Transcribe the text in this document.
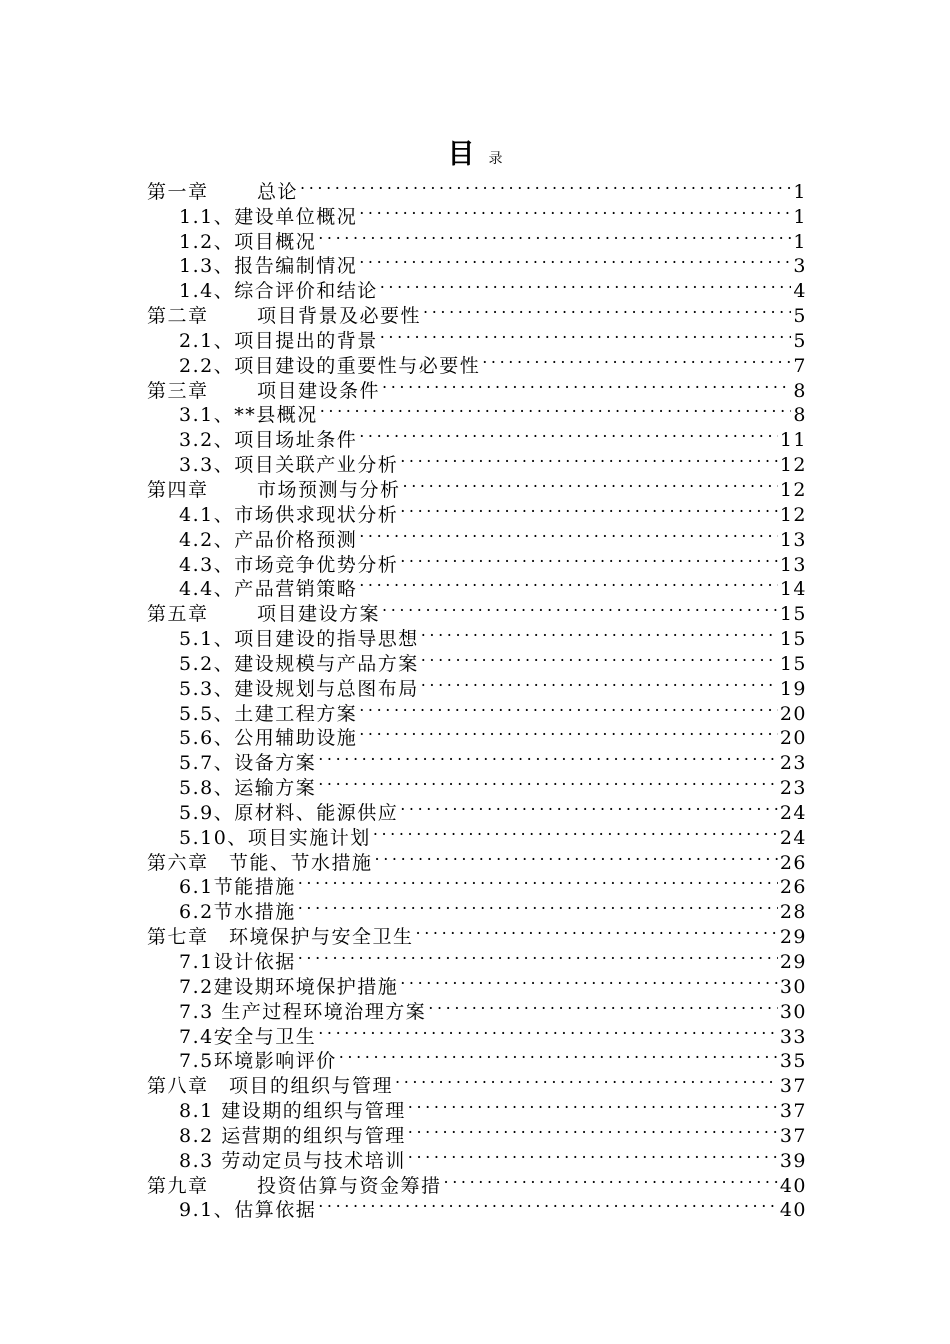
目 录
第一章　　 总论 .....	1
1.1、建设单位概况 .....	1
1.2、项目概况 .....	1
1.3、报告编制情况 .....	3
1.4、综合评价和结论 .....	4
第二章　　 项目背景及必要性 .....	5
2.1、项目提出的背景 .....	5
2.2、项目建设的重要性与必要性 .....	7
第三章　　 项目建设条件 .....	8
3.1、**县概况 .....	8
3.2、项目场址条件 .....	11
3.3、项目关联产业分析 .....	12
第四章　　 市场预测与分析 .....	12
4.1、市场供求现状分析 .....	12
4.2、产品价格预测 .....	13
4.3、市场竞争优势分析 .....	13
4.4、产品营销策略 .....	14
第五章　　 项目建设方案 .....	15
5.1、项目建设的指导思想 .....	15
5.2、建设规模与产品方案 .....	15
5.3、建设规划与总图布局 .....	19
5.5、土建工程方案 .....	20
5.6、公用辅助设施 .....	20
5.7、设备方案 .....	23
5.8、运输方案 .....	23
5.9、原材料、能源供应 .....	24
5.10、项目实施计划 .....	24
第六章　节能、节水措施 .....	26
6.1节能措施 .....	26
6.2节水措施 .....	28
第七章　环境保护与安全卫生 .....	29
7.1设计依据 .....	29
7.2建设期环境保护措施 .....	30
7.3 生产过程环境治理方案 .....	30
7.4安全与卫生 .....	33
7.5环境影响评价 .....	35
第八章　项目的组织与管理 .....	37
8.1 建设期的组织与管理 .....	37
8.2 运营期的组织与管理 .....	37
8.3 劳动定员与技术培训 .....	39
第九章　　 投资估算与资金筹措 .....	40
9.1、估算依据 .....	40
